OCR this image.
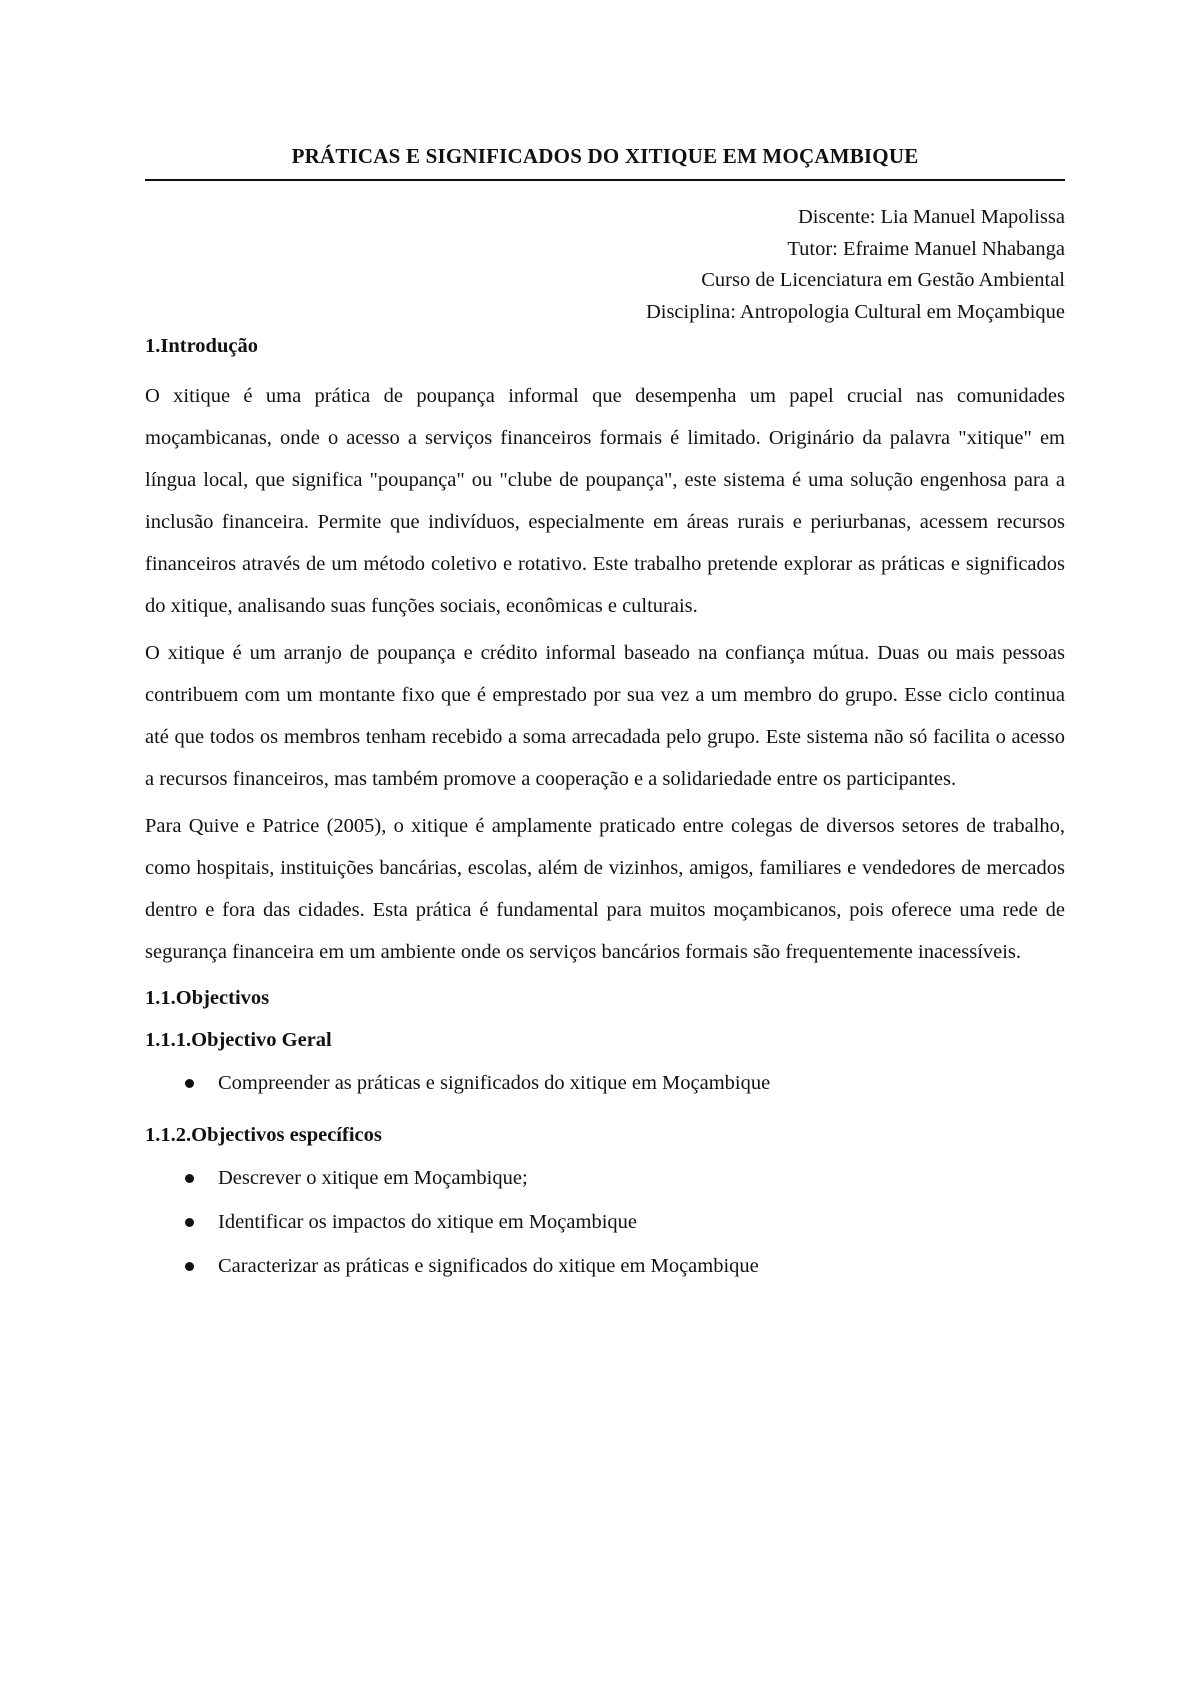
PRÁTICAS E SIGNIFICADOS DO XITIQUE EM MOÇAMBIQUE
Discente: Lia Manuel Mapolissa
Tutor: Efraime Manuel Nhabanga
Curso de Licenciatura em Gestão Ambiental
Disciplina: Antropologia Cultural em Moçambique
1.Introdução

O xitique é uma prática de poupança informal que desempenha um papel crucial nas comunidades moçambicanas, onde o acesso a serviços financeiros formais é limitado. Originário da palavra "xitique" em língua local, que significa "poupança" ou "clube de poupança", este sistema é uma solução engenhosa para a inclusão financeira. Permite que indivíduos, especialmente em áreas rurais e periurbanas, acessem recursos financeiros através de um método coletivo e rotativo. Este trabalho pretende explorar as práticas e significados do xitique, analisando suas funções sociais, econômicas e culturais.

O xitique é um arranjo de poupança e crédito informal baseado na confiança mútua. Duas ou mais pessoas contribuem com um montante fixo que é emprestado por sua vez a um membro do grupo. Esse ciclo continua até que todos os membros tenham recebido a soma arrecadada pelo grupo. Este sistema não só facilita o acesso a recursos financeiros, mas também promove a cooperação e a solidariedade entre os participantes.

Para Quive e Patrice (2005), o xitique é amplamente praticado entre colegas de diversos setores de trabalho, como hospitais, instituições bancárias, escolas, além de vizinhos, amigos, familiares e vendedores de mercados dentro e fora das cidades. Esta prática é fundamental para muitos moçambicanos, pois oferece uma rede de segurança financeira em um ambiente onde os serviços bancários formais são frequentemente inacessíveis.

1.1.Objectivos
1.1.1.Objectivo Geral
Compreender as práticas e significados do xitique em Moçambique
1.1.2.Objectivos específicos
Descrever o xitique em Moçambique;
Identificar os impactos do xitique em Moçambique
Caracterizar as práticas e significados do xitique em Moçambique
